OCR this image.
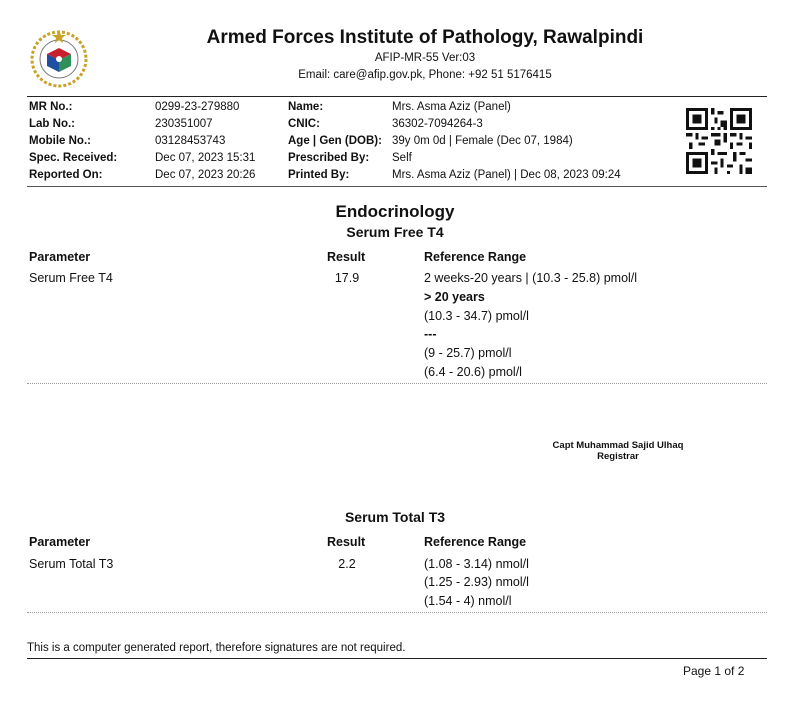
Armed Forces Institute of Pathology, Rawalpindi
AFIP-MR-55 Ver:03
Email: care@afip.gov.pk, Phone: +92 51 5176415
MR No.:	0299-23-279880
Lab No.:	230351007
Mobile No.:	03128453743
Spec. Received:	Dec 07, 2023 15:31
Reported On:	Dec 07, 2023 20:26
Name:	Mrs. Asma Aziz (Panel)
CNIC:	36302-7094264-3
Age | Gen (DOB): 39y 0m 0d | Female (Dec 07, 1984)
Prescribed By: Self
Printed By:	Mrs. Asma Aziz (Panel) | Dec 08, 2023 09:24
Endocrinology
Serum Free T4
Parameter	Result	Reference Range
Serum Free T4	17.9	2 weeks-20 years | (10.3 - 25.8) pmol/l
> 20 years
(10.3 - 34.7) pmol/l
---
(9 - 25.7) pmol/l
(6.4 - 20.6) pmol/l
Capt Muhammad Sajid Ulhaq
Registrar
Serum Total T3
Parameter	Result	Reference Range
Serum Total T3	2.2	(1.08 - 3.14) nmol/l
(1.25 - 2.93) nmol/l
(1.54 - 4) nmol/l
This is a computer generated report, therefore signatures are not required.
Page 1 of 2
